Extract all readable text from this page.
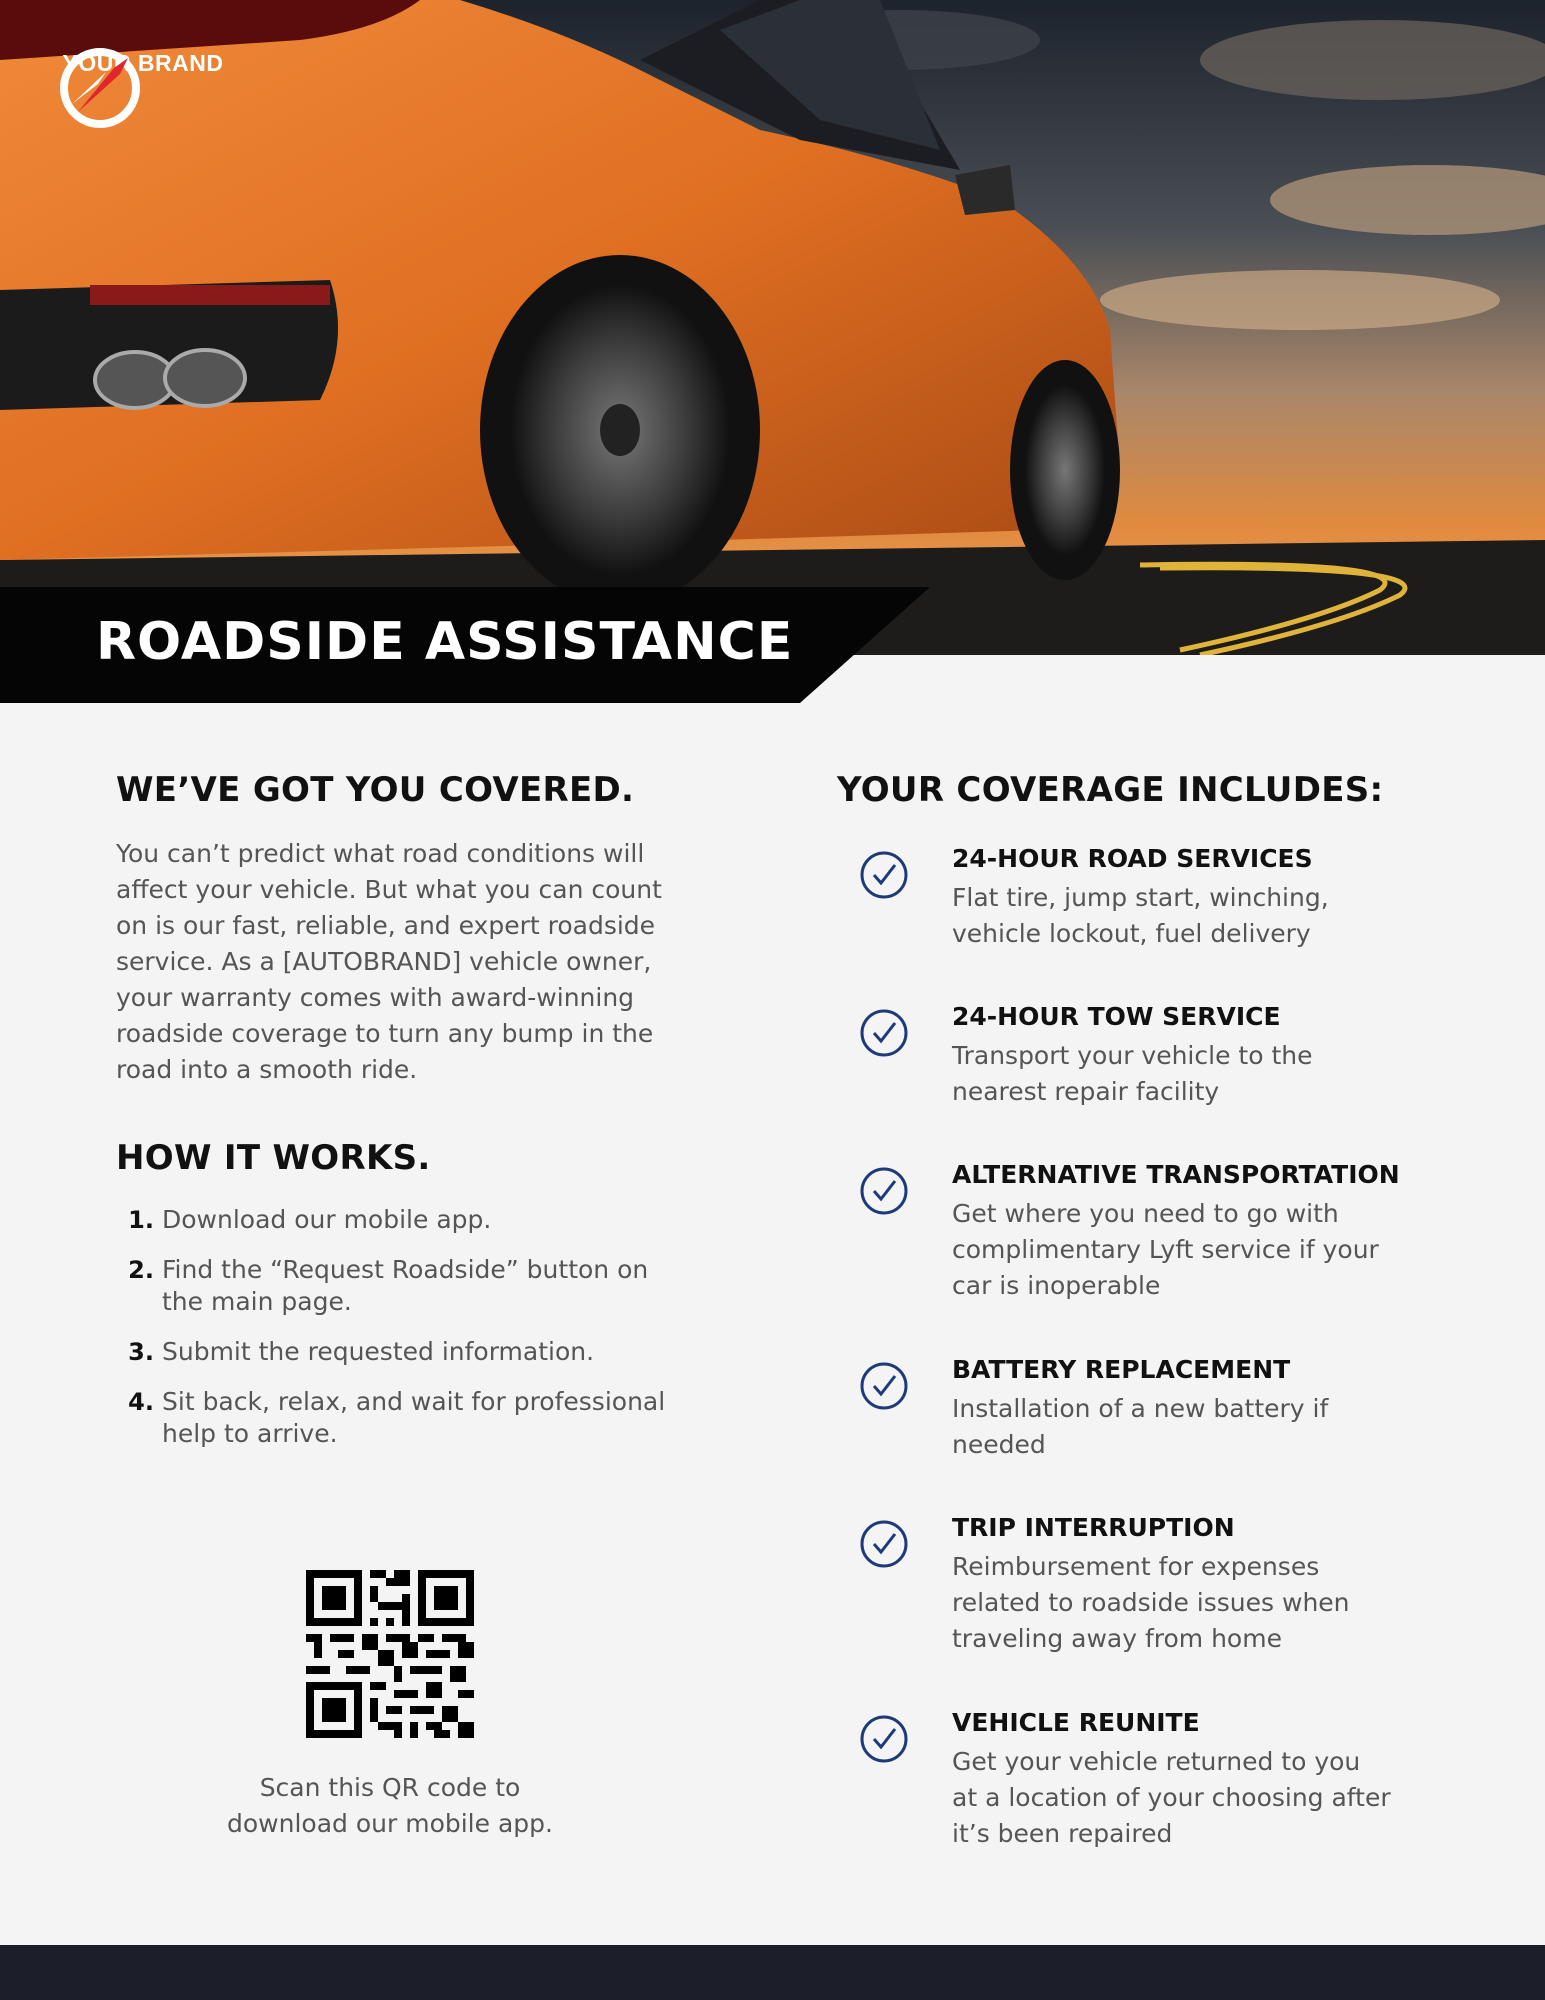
YOUR BRAND
ROADSIDE ASSISTANCE
WE’VE GOT YOU COVERED.

You can’t predict what road conditions will affect your vehicle. But what you can count on is our fast, reliable, and expert roadside service. As a [AUTOBRAND] vehicle owner, your warranty comes with award-winning roadside coverage to turn any bump in the road into a smooth ride.

HOW IT WORKS.
1. Download our mobile app.
2. Find the “Request Roadside” button on the main page.
3. Submit the requested information.
4. Sit back, relax, and wait for professional help to arrive.
Scan this QR code to download our mobile app.
YOUR COVERAGE INCLUDES:
24-HOUR ROAD SERVICES
Flat tire, jump start, winching, vehicle lockout, fuel delivery
24-HOUR TOW SERVICE
Transport your vehicle to the nearest repair facility
ALTERNATIVE TRANSPORTATION
Get where you need to go with complimentary Lyft service if your car is inoperable
BATTERY REPLACEMENT
Installation of a new battery if needed
TRIP INTERRUPTION
Reimbursement for expenses related to roadside issues when traveling away from home
VEHICLE REUNITE
Get your vehicle returned to you at a location of your choosing after it’s been repaired
